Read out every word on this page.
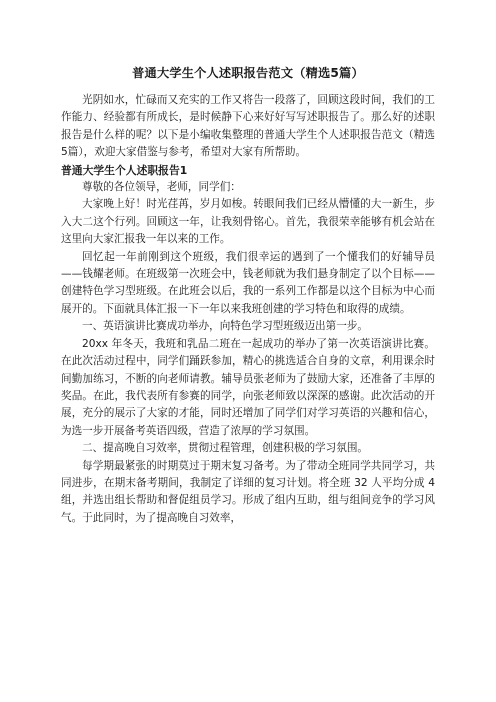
普通大学生个人述职报告范文（精选5篇）

光阴如水，忙碌而又充实的工作又将告一段落了，回顾这段时间，我们的工作能力、经验都有所成长，是时候静下心来好好写写述职报告了。那么好的述职报告是什么样的呢？以下是小编收集整理的普通大学生个人述职报告范文（精选5篇），欢迎大家借鉴与参考，希望对大家有所帮助。

普通大学生个人述职报告1

尊敬的各位领导，老师，同学们：

大家晚上好！时光荏苒，岁月如梭。转眼间我们已经从懵懂的大一新生，步入大二这个行列。回顾这一年，让我刻骨铭心。首先，我很荣幸能够有机会站在这里向大家汇报我一年以来的工作。

回忆起一年前刚到这个班级，我们很幸运的遇到了一个懂我们的好辅导员——钱耀老师。在班级第一次班会中，钱老师就为我们悬身制定了以个目标——创建特色学习型班级。在此班会以后，我的一系列工作都是以这个目标为中心而展开的。下面就具体汇报一下一年以来我班创建的学习特色和取得的成绩。

一、英语演讲比赛成功举办，向特色学习型班级迈出第一步。

20xx 年冬天，我班和乳品二班在一起成功的举办了第一次英语演讲比赛。在此次活动过程中，同学们踊跃参加，精心的挑选适合自身的文章，利用课余时间勤加练习，不断的向老师请教。辅导员张老师为了鼓励大家，还准备了丰厚的奖品。在此，我代表所有参赛的同学，向张老师致以深深的感谢。此次活动的开展，充分的展示了大家的才能，同时还增加了同学们对学习英语的兴趣和信心，为选一步开展备考英语四级，营造了浓厚的学习氛围。

二、提高晚自习效率，贯彻过程管理，创建积极的学习氛围。

每学期最紧张的时期莫过于期末复习备考。为了带动全班同学共同学习，共同进步，在期末备考期间，我制定了详细的复习计划。将全班 32 人平均分成 4 组，并选出组长帮助和督促组员学习。形成了组内互助，组与组间竞争的学习风气。于此同时，为了提高晚自习效率，
